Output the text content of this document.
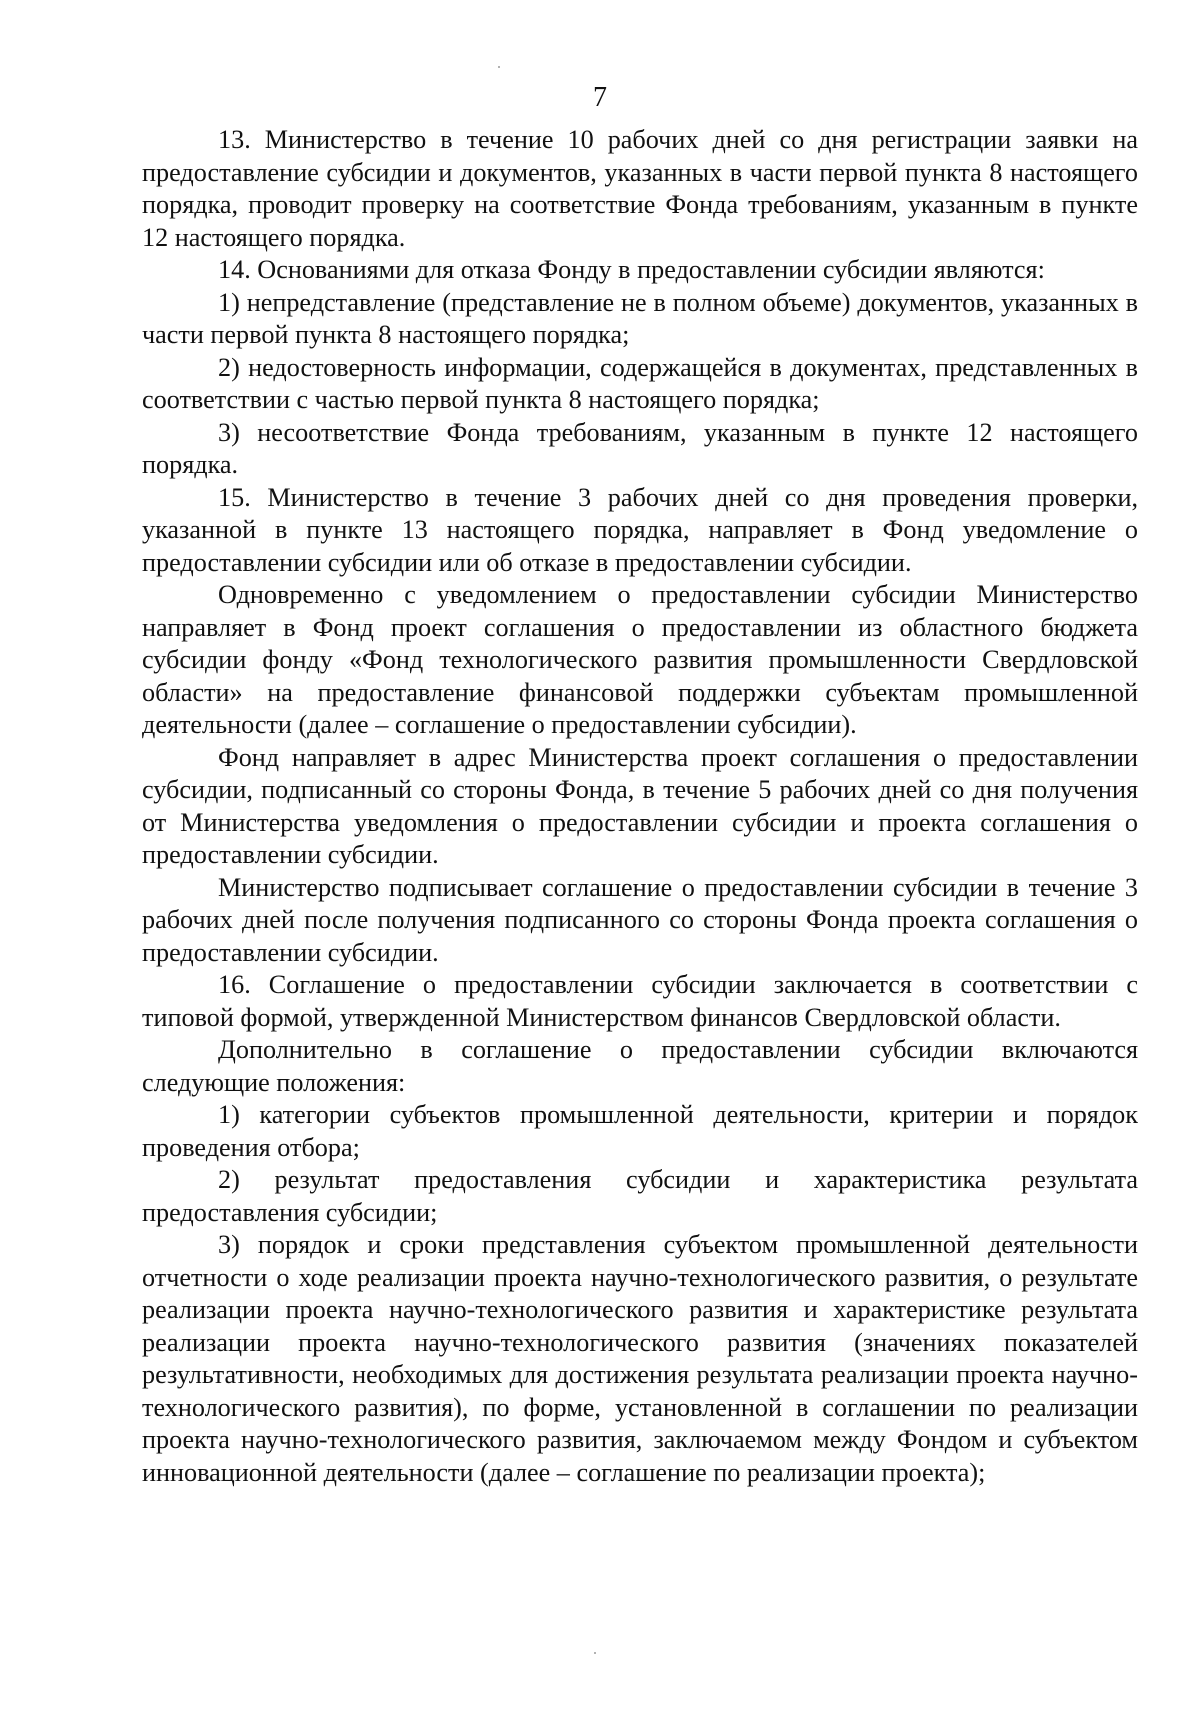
7

13. Министерство в течение 10 рабочих дней со дня регистрации заявки на предоставление субсидии и документов, указанных в части первой пункта 8 настоящего порядка, проводит проверку на соответствие Фонда требованиям, указанным в пункте 12 настоящего порядка.

14. Основаниями для отказа Фонду в предоставлении субсидии являются:

1) непредставление (представление не в полном объеме) документов, указанных в части первой пункта 8 настоящего порядка;

2) недостоверность информации, содержащейся в документах, представленных в соответствии с частью первой пункта 8 настоящего порядка;

3) несоответствие Фонда требованиям, указанным в пункте 12 настоящего порядка.

15. Министерство в течение 3 рабочих дней со дня проведения проверки, указанной в пункте 13 настоящего порядка, направляет в Фонд уведомление о предоставлении субсидии или об отказе в предоставлении субсидии.

Одновременно с уведомлением о предоставлении субсидии Министерство направляет в Фонд проект соглашения о предоставлении из областного бюджета субсидии фонду «Фонд технологического развития промышленности Свердловской области» на предоставление финансовой поддержки субъектам промышленной деятельности (далее – соглашение о предоставлении субсидии).

Фонд направляет в адрес Министерства проект соглашения о предоставлении субсидии, подписанный со стороны Фонда, в течение 5 рабочих дней со дня получения от Министерства уведомления о предоставлении субсидии и проекта соглашения о предоставлении субсидии.

Министерство подписывает соглашение о предоставлении субсидии в течение 3 рабочих дней после получения подписанного со стороны Фонда проекта соглашения о предоставлении субсидии.

16. Соглашение о предоставлении субсидии заключается в соответствии с типовой формой, утвержденной Министерством финансов Свердловской области.

Дополнительно в соглашение о предоставлении субсидии включаются следующие положения:

1) категории субъектов промышленной деятельности, критерии и порядок проведения отбора;

2) результат предоставления субсидии и характеристика результата предоставления субсидии;

3) порядок и сроки представления субъектом промышленной деятельности отчетности о ходе реализации проекта научно-технологического развития, о результате реализации проекта научно-технологического развития и характеристике результата реализации проекта научно-технологического развития (значениях показателей результативности, необходимых для достижения результата реализации проекта научно-технологического развития), по форме, установленной в соглашении по реализации проекта научно-технологического развития, заключаемом между Фондом и субъектом инновационной деятельности (далее – соглашение по реализации проекта);
